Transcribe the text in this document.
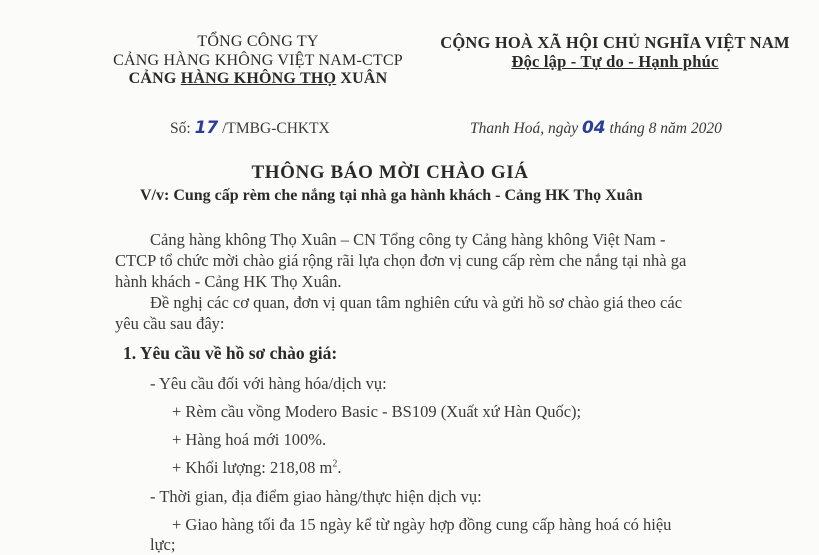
TỔNG CÔNG TY
CẢNG HÀNG KHÔNG VIỆT NAM-CTCP
CẢNG HÀNG KHÔNG THỌ XUÂN
CỘNG HOÀ XÃ HỘI CHỦ NGHĨA VIỆT NAM
Độc lập - Tự do - Hạnh phúc
Số: 17 /TMBG-CHKTX	Thanh Hoá, ngày 04 tháng 8 năm 2020
THÔNG BÁO MỜI CHÀO GIÁ
V/v: Cung cấp rèm che nắng tại nhà ga hành khách - Cảng HK Thọ Xuân
Cảng hàng không Thọ Xuân – CN Tổng công ty Cảng hàng không Việt Nam -
CTCP tổ chức mời chào giá rộng rãi lựa chọn đơn vị cung cấp rèm che nắng tại nhà ga
hành khách - Cảng HK Thọ Xuân.
Đề nghị các cơ quan, đơn vị quan tâm nghiên cứu và gửi hồ sơ chào giá theo các
yêu cầu sau đây:
1. Yêu cầu về hồ sơ chào giá:
- Yêu cầu đối với hàng hóa/dịch vụ:
+ Rèm cầu vồng Modero Basic - BS109 (Xuất xứ Hàn Quốc);
+ Hàng hoá mới 100%.
+ Khối lượng: 218,08 $m^2$.
- Thời gian, địa điểm giao hàng/thực hiện dịch vụ:
+ Giao hàng tối đa 15 ngày kể từ ngày hợp đồng cung cấp hàng hoá có hiệu
lực;
